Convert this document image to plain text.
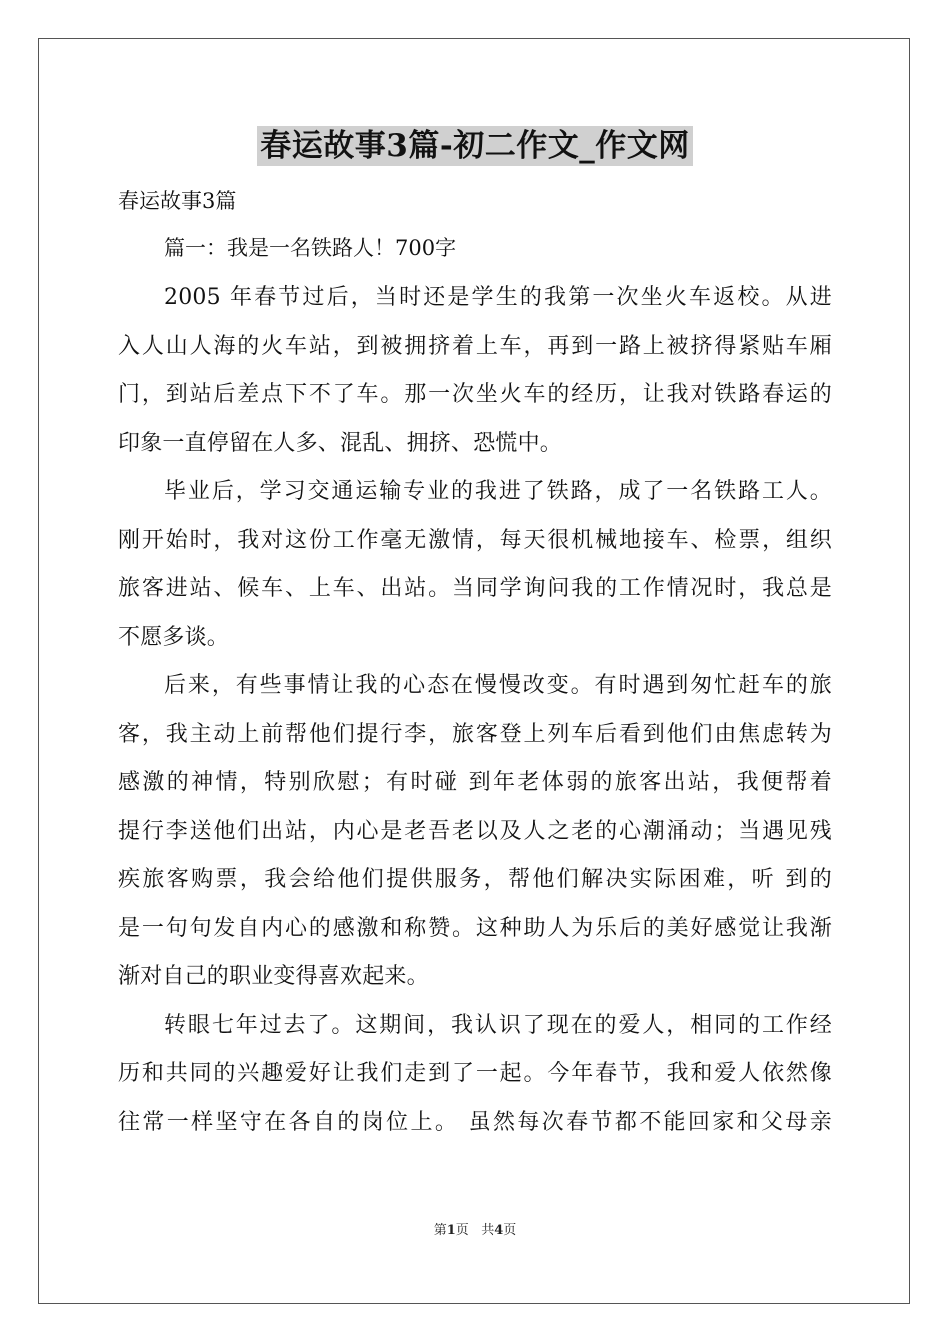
春运故事3篇-初二作文_作文网
春运故事3篇
篇一：我是一名铁路人！700字
2005 年春节过后，当时还是学生的我第一次坐火车返校。从进
入人山人海的火车站，到被拥挤着上车，再到一路上被挤得紧贴车厢
门，到站后差点下不了车。那一次坐火车的经历，让我对铁路春运的
印象一直停留在人多、混乱、拥挤、恐慌中。
毕业后，学习交通运输专业的我进了铁路，成了一名铁路工人。
刚开始时，我对这份工作毫无激情，每天很机械地接车、检票，组织
旅客进站、候车、上车、出站。当同学询问我的工作情况时，我总是
不愿多谈。
后来，有些事情让我的心态在慢慢改变。有时遇到匆忙赶车的旅
客，我主动上前帮他们提行李，旅客登上列车后看到他们由焦虑转为
感激的神情，特别欣慰；有时碰 到年老体弱的旅客出站，我便帮着
提行李送他们出站，内心是老吾老以及人之老的心潮涌动；当遇见残
疾旅客购票，我会给他们提供服务，帮他们解决实际困难，听 到的
是一句句发自内心的感激和称赞。这种助人为乐后的美好感觉让我渐
渐对自己的职业变得喜欢起来。
转眼七年过去了。这期间，我认识了现在的爱人，相同的工作经
历和共同的兴趣爱好让我们走到了一起。今年春节，我和爱人依然像
往常一样坚守在各自的岗位上。 虽然每次春节都不能回家和父母亲
第1页   共4页
